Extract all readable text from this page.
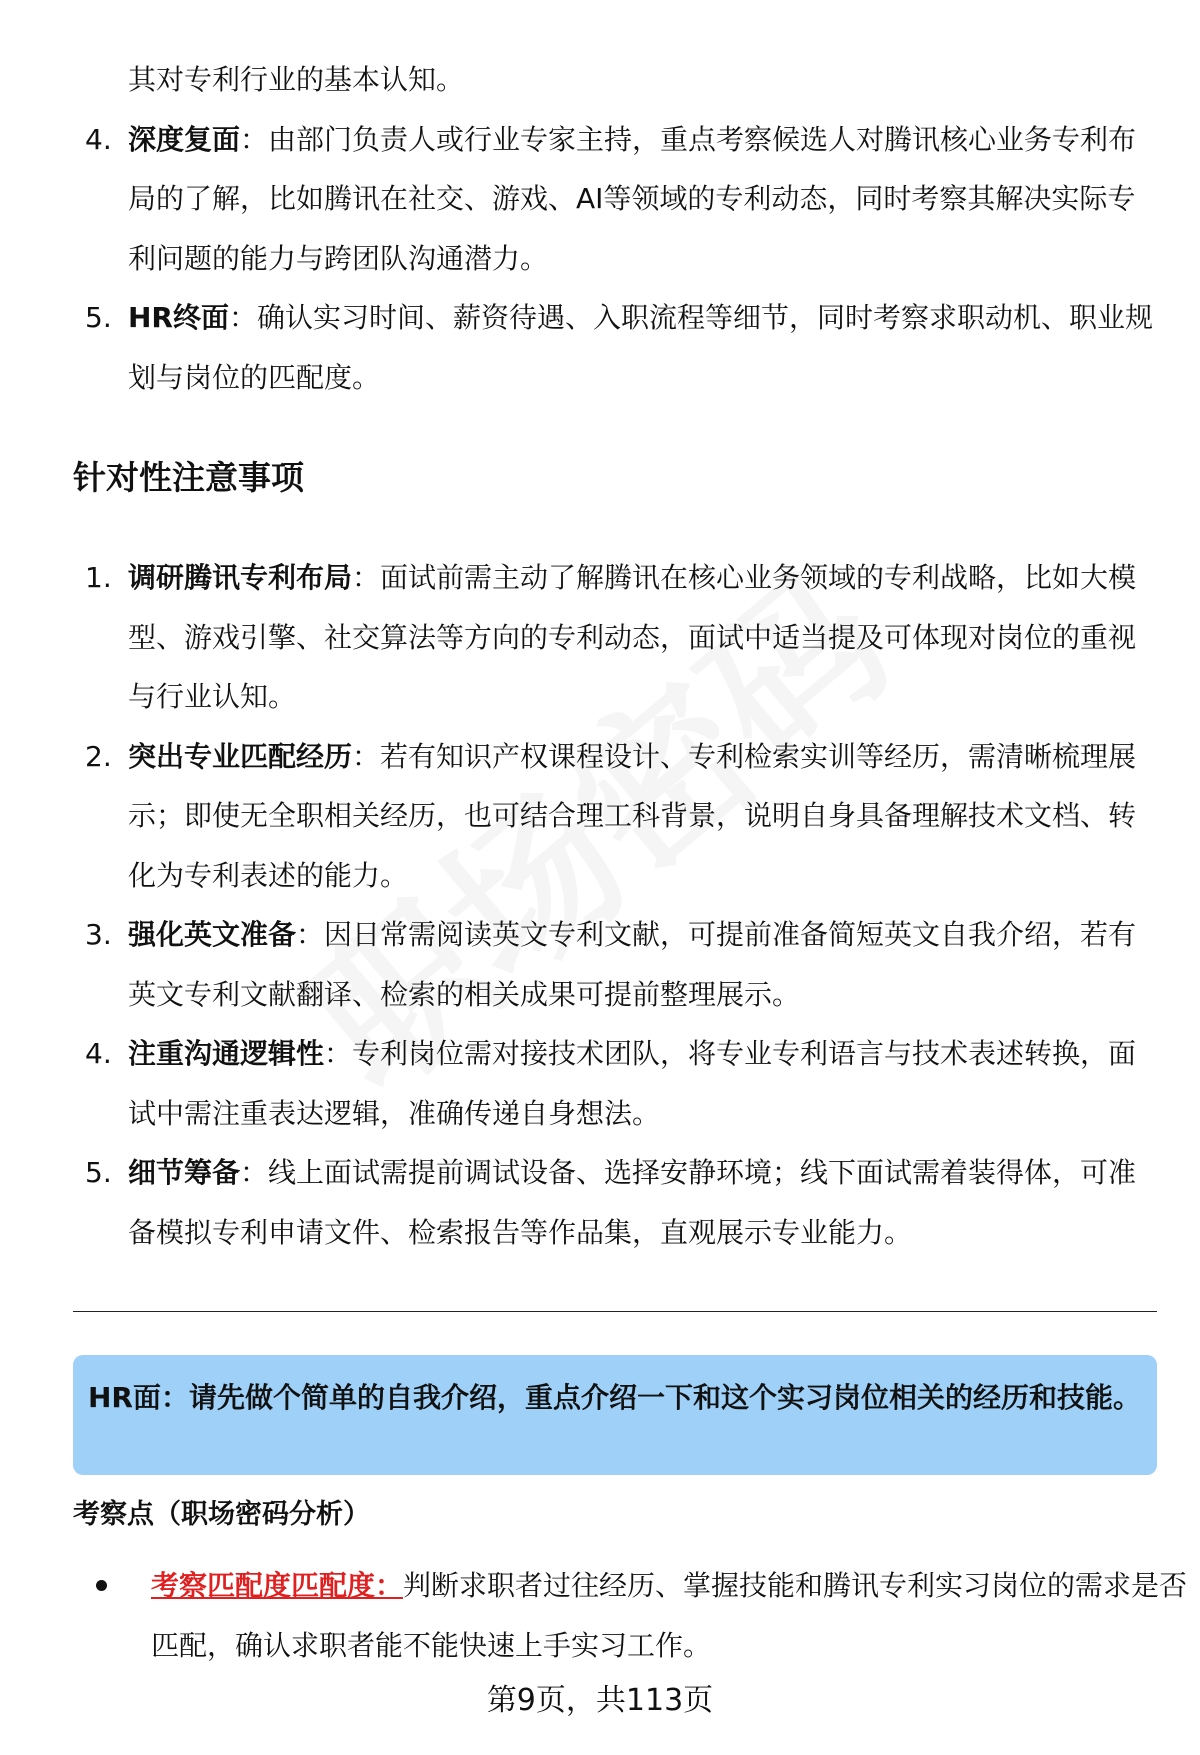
其对专利行业的基本认知。
4. 深度复面：由部门负责人或行业专家主持，重点考察候选人对腾讯核心业务专利布局的了解，比如腾讯在社交、游戏、AI等领域的专利动态，同时考察其解决实际专利问题的能力与跨团队沟通潜力。
5. HR终面：确认实习时间、薪资待遇、入职流程等细节，同时考察求职动机、职业规划与岗位的匹配度。
针对性注意事项
1. 调研腾讯专利布局：面试前需主动了解腾讯在核心业务领域的专利战略，比如大模型、游戏引擎、社交算法等方向的专利动态，面试中适当提及可体现对岗位的重视与行业认知。
2. 突出专业匹配经历：若有知识产权课程设计、专利检索实训等经历，需清晰梳理展示；即使无全职相关经历，也可结合理工科背景，说明自身具备理解技术文档、转化为专利表述的能力。
3. 强化英文准备：因日常需阅读英文专利文献，可提前准备简短英文自我介绍，若有英文专利文献翻译、检索的相关成果可提前整理展示。
4. 注重沟通逻辑性：专利岗位需对接技术团队，将专业专利语言与技术表述转换，面试中需注重表达逻辑，准确传递自身想法。
5. 细节筹备：线上面试需提前调试设备、选择安静环境；线下面试需着装得体，可准备模拟专利申请文件、检索报告等作品集，直观展示专业能力。
HR面：请先做个简单的自我介绍，重点介绍一下和这个实习岗位相关的经历和技能。
考察点（职场密码分析）
考察匹配度匹配度：判断求职者过往经历、掌握技能和腾讯专利实习岗位的需求是否匹配，确认求职者能不能快速上手实习工作。
第9页，共113页
